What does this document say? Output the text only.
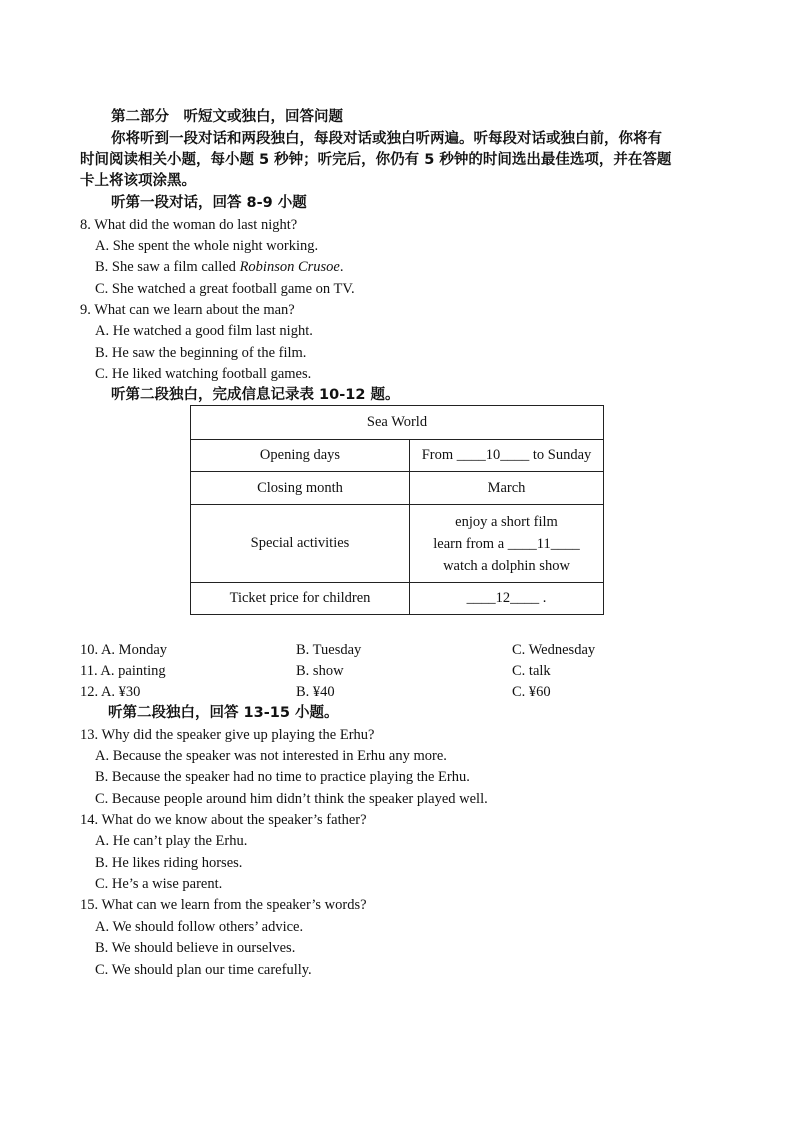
第二部分　听短文或独白，回答问题
你将听到一段对话和两段独白，每段对话或独白听两遍。听每段对话或独白前，你将有
时间阅读相关小题，每小题 5 秒钟；听完后，你仍有 5 秒钟的时间选出最佳选项，并在答题
卡上将该项涂黑。
听第一段对话，回答 8-9 小题
8. What did the woman do last night?
A. She spent the whole night working.
B. She saw a film called Robinson Crusoe.
C. She watched a great football game on TV.
9. What can we learn about the man?
A. He watched a good film last night.
B. He saw the beginning of the film.
C. He liked watching football games.
听第二段独白，完成信息记录表 10-12 题。
Sea World	
Opening days	From ____10____ to Sunday
Closing month	March
Special activities	enjoy a short film
learn from a ____11____
watch a dolphin show

Ticket price for children	____12____ .
10. A. Monday	B. Tuesday	C. Wednesday
11. A. painting	B. show	C. talk
12. A. ¥30	B. ¥40	C. ¥60
听第二段独白，回答 13-15 小题。
13. Why did the speaker give up playing the Erhu?
A. Because the speaker was not interested in Erhu any more.
B. Because the speaker had no time to practice playing the Erhu.
C. Because people around him didn’t think the speaker played well.
14. What do we know about the speaker’s father?
A. He can’t play the Erhu.
B. He likes riding horses.
C. He’s a wise parent.
15. What can we learn from the speaker’s words?
A. We should follow others’ advice.
B. We should believe in ourselves.
C. We should plan our time carefully.
